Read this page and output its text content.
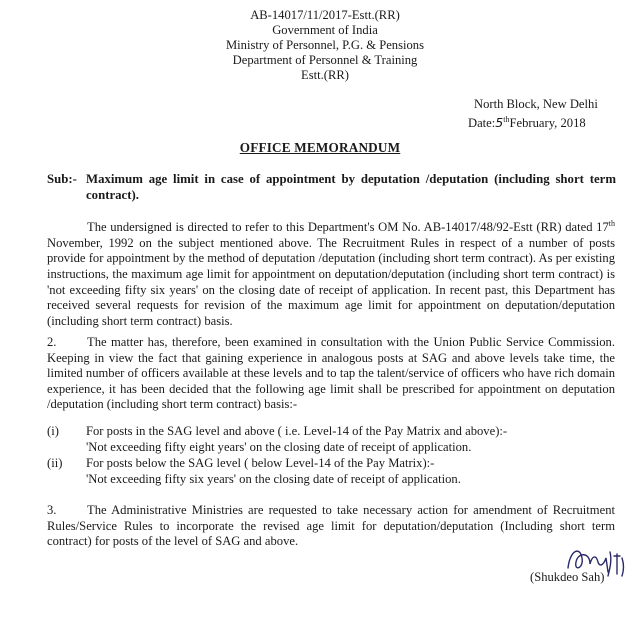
AB-14017/11/2017-Estt.(RR)
Government of India
Ministry of Personnel, P.G. & Pensions
Department of Personnel & Training
Estt.(RR)
North Block, New Delhi
Date:5thFebruary, 2018
OFFICE MEMORANDUM
Sub:- Maximum age limit in case of appointment by deputation /deputation (including short term contract).
The undersigned is directed to refer to this Department's OM No. AB-14017/48/92-Estt (RR) dated 17th November, 1992 on the subject mentioned above. The Recruitment Rules in respect of a number of posts provide for appointment by the method of deputation /deputation (including short term contract). As per existing instructions, the maximum age limit for appointment on deputation/deputation (including short term contract) is 'not exceeding fifty six years' on the closing date of receipt of application. In recent past, this Department has received several requests for revision of the maximum age limit for appointment on deputation/deputation (including short term contract) basis.
2.	The matter has, therefore, been examined in consultation with the Union Public Service Commission. Keeping in view the fact that gaining experience in analogous posts at SAG and above levels take time, the limited number of officers available at these levels and to tap the talent/service of officers who have rich domain experience, it has been decided that the following age limit shall be prescribed for appointment on deputation /deputation (including short term contract) basis:-
(i) For posts in the SAG level and above ( i.e. Level-14 of the Pay Matrix and above):-
'Not exceeding fifty eight years' on the closing date of receipt of application.
(ii) For posts below the SAG level ( below Level-14 of the Pay Matrix):-
'Not exceeding fifty six years' on the closing date of receipt of application.
3.	The Administrative Ministries are requested to take necessary action for amendment of Recruitment Rules/Service Rules to incorporate the revised age limit for deputation/deputation (Including short term contract) for posts of the level of SAG and above.
(Shukdeo Sah)
